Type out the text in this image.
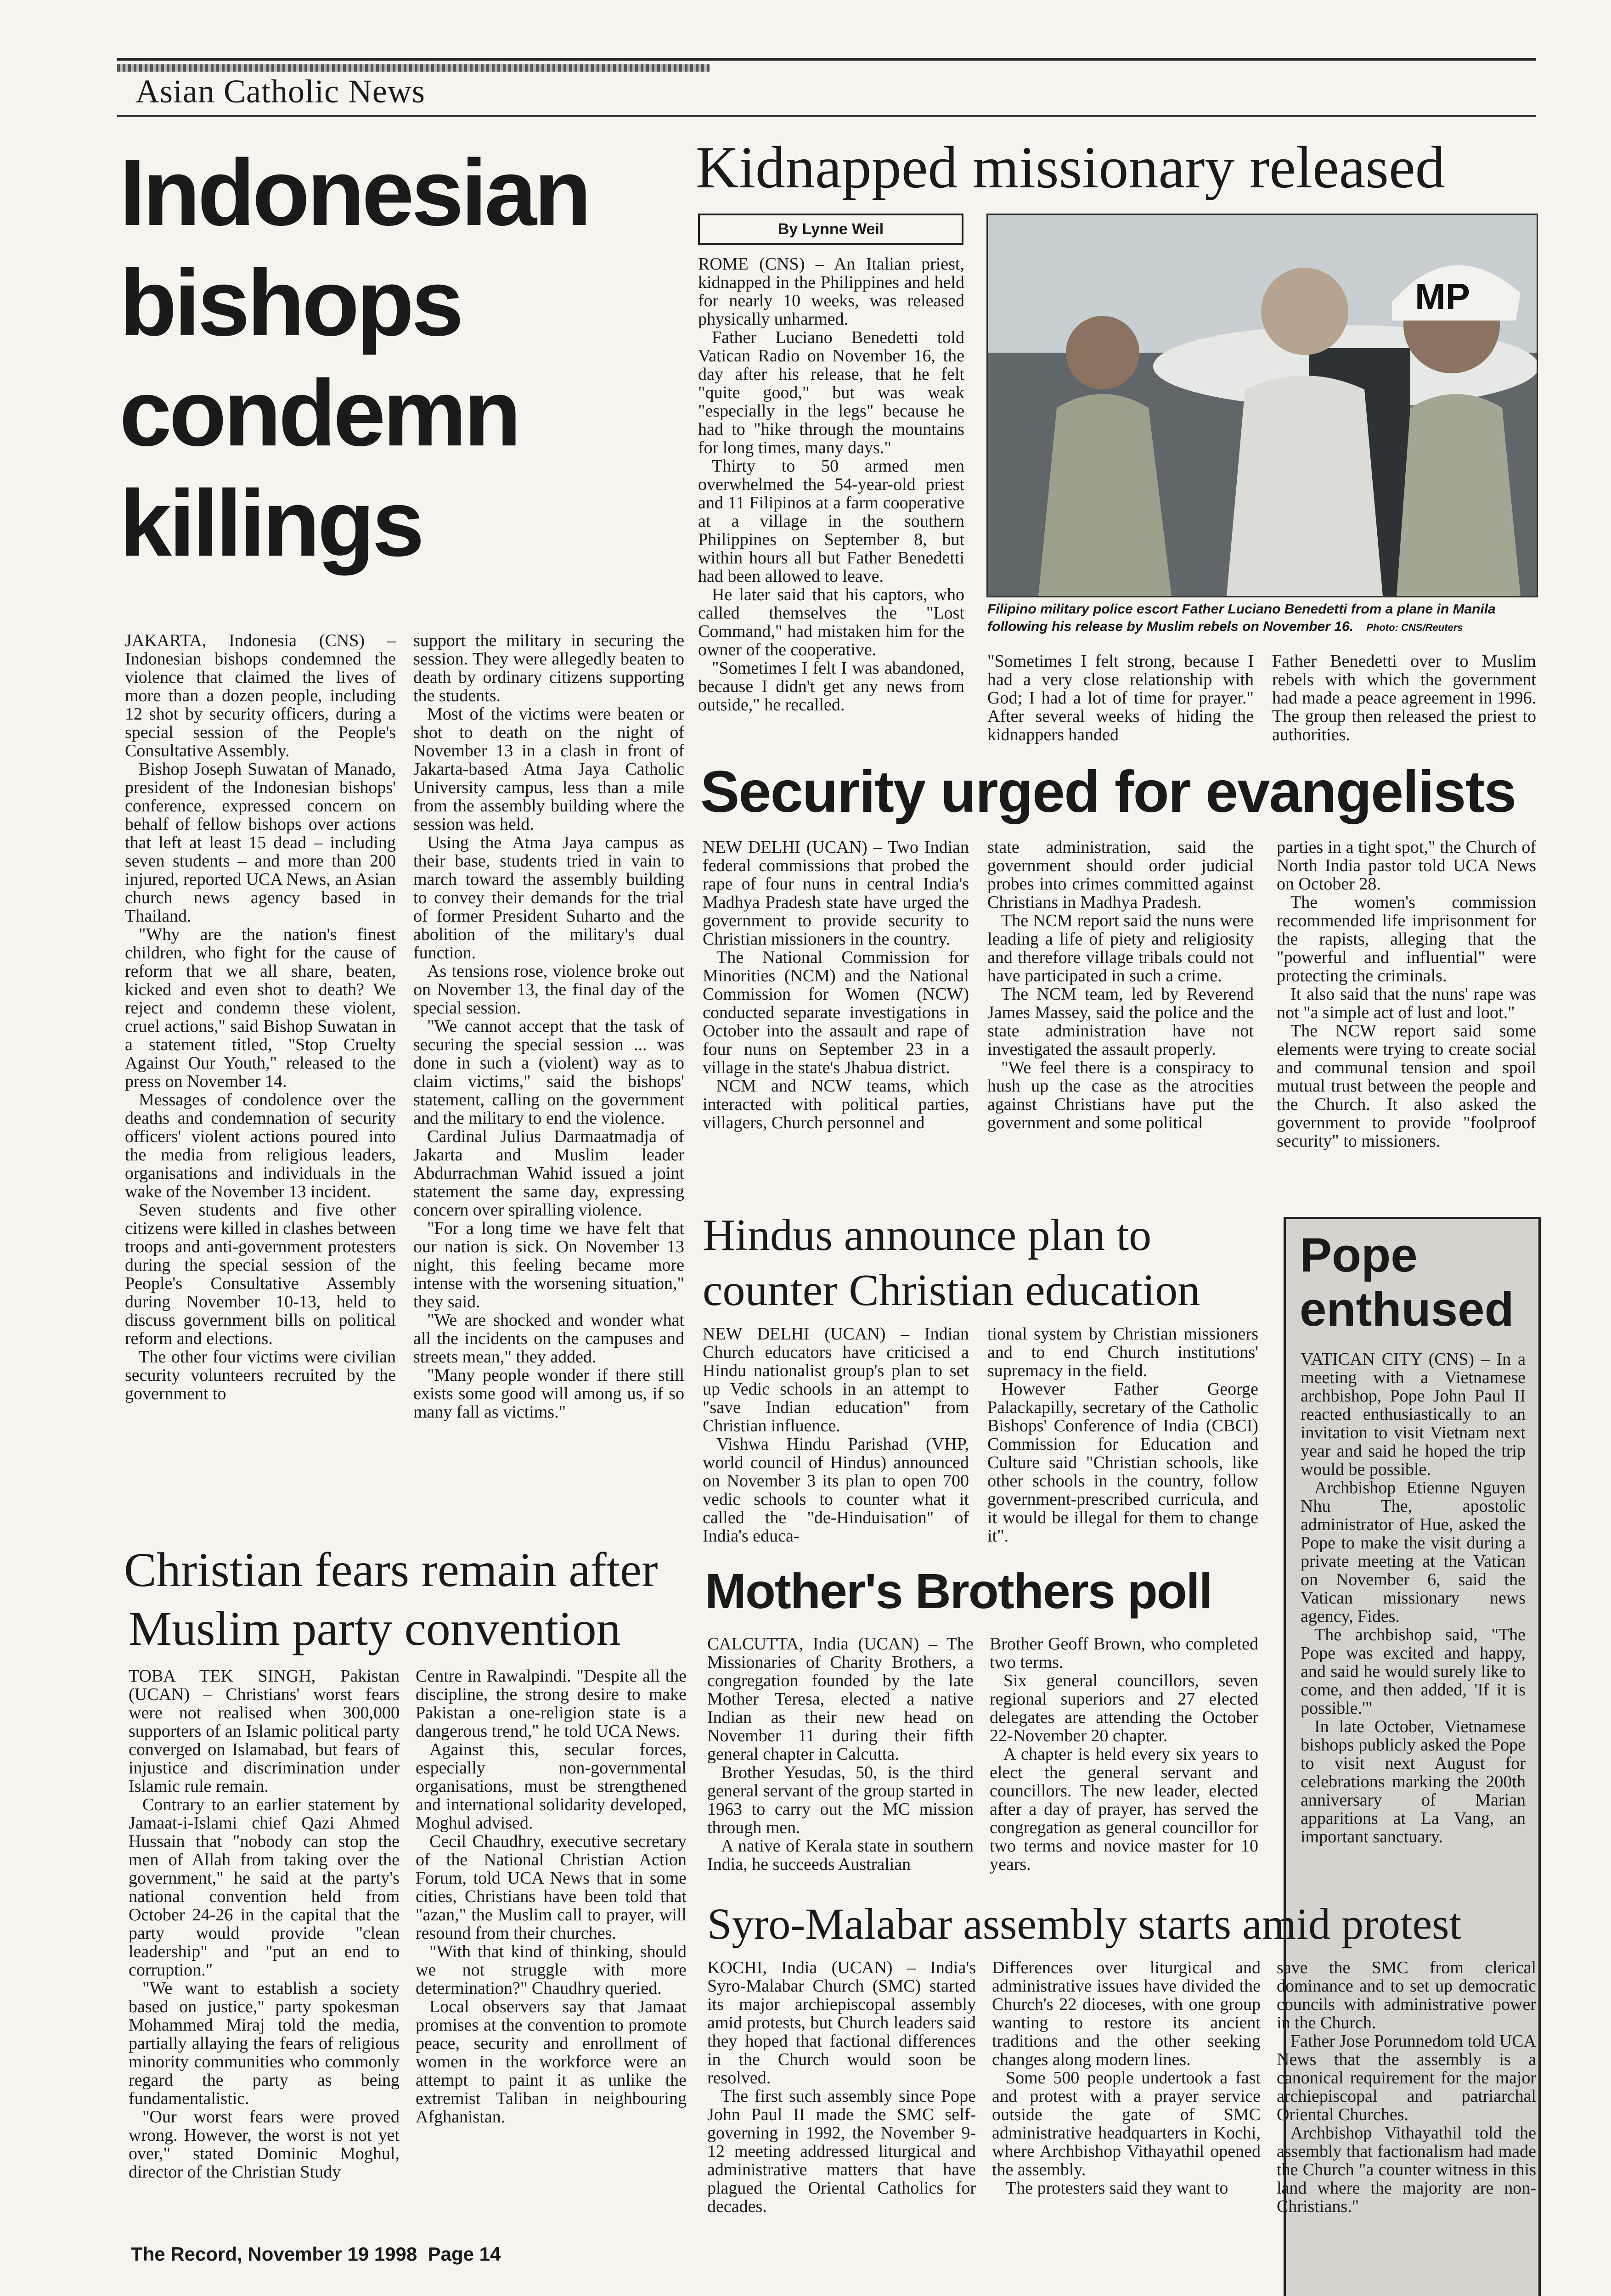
Asian Catholic News
Indonesian
bishops
condemn
killings

JAKARTA, Indonesia (CNS) – Indonesian bishops condemned the violence that claimed the lives of more than a dozen people, including 12 shot by security officers, during a special session of the People's Consultative Assembly.

Bishop Joseph Suwatan of Manado, president of the Indonesian bishops' conference, expressed concern on behalf of fellow bishops over actions that left at least 15 dead – including seven students – and more than 200 injured, reported UCA News, an Asian church news agency based in Thailand.

"Why are the nation's finest children, who fight for the cause of reform that we all share, beaten, kicked and even shot to death? We reject and condemn these violent, cruel actions," said Bishop Suwatan in a statement titled, "Stop Cruelty Against Our Youth," released to the press on November 14.

Messages of condolence over the deaths and condemnation of security officers' violent actions poured into the media from religious leaders, organisations and individuals in the wake of the November 13 incident.

Seven students and five other citizens were killed in clashes between troops and anti-government protesters during the special session of the People's Consultative Assembly during November 10-13, held to discuss government bills on political reform and elections.

The other four victims were civilian security volunteers recruited by the government to

support the military in securing the session. They were allegedly beaten to death by ordinary citizens supporting the students.

Most of the victims were beaten or shot to death on the night of November 13 in a clash in front of Jakarta-based Atma Jaya Catholic University campus, less than a mile from the assembly building where the session was held.

Using the Atma Jaya campus as their base, students tried in vain to march toward the assembly building to convey their demands for the trial of former President Suharto and the abolition of the military's dual function.

As tensions rose, violence broke out on November 13, the final day of the special session.

"We cannot accept that the task of securing the special session ... was done in such a (violent) way as to claim victims," said the bishops' statement, calling on the government and the military to end the violence.

Cardinal Julius Darmaatmadja of Jakarta and Muslim leader Abdurrachman Wahid issued a joint statement the same day, expressing concern over spiralling violence.

"For a long time we have felt that our nation is sick. On November 13 night, this feeling became more intense with the worsening situation," they said.

"We are shocked and wonder what all the incidents on the campuses and streets mean," they added.

"Many people wonder if there still exists some good will among us, if so many fall as victims."

Kidnapped missionary released
By Lynne Weil

ROME (CNS) – An Italian priest, kidnapped in the Philippines and held for nearly 10 weeks, was released physically unharmed.

Father Luciano Benedetti told Vatican Radio on November 16, the day after his release, that he felt "quite good," but was weak "especially in the legs" because he had to "hike through the mountains for long times, many days."

Thirty to 50 armed men overwhelmed the 54-year-old priest and 11 Filipinos at a farm cooperative at a village in the southern Philippines on September 8, but within hours all but Father Benedetti had been allowed to leave.

He later said that his captors, who called themselves the "Lost Command," had mistaken him for the owner of the cooperative.

"Sometimes I felt I was abandoned, because I didn't get any news from outside," he recalled.

MP
Filipino military police escort Father Luciano Benedetti from a plane in Manila following his release by Muslim rebels on November 16. Photo: CNS/Reuters

"Sometimes I felt strong, because I had a very close relationship with God; I had a lot of time for prayer." After several weeks of hiding the kidnappers handed

Father Benedetti over to Muslim rebels with which the government had made a peace agreement in 1996. The group then released the priest to authorities.

Security urged for evangelists

NEW DELHI (UCAN) – Two Indian federal commissions that probed the rape of four nuns in central India's Madhya Pradesh state have urged the government to provide security to Christian missioners in the country.

The National Commission for Minorities (NCM) and the National Commission for Women (NCW) conducted separate investigations in October into the assault and rape of four nuns on September 23 in a village in the state's Jhabua district.

NCM and NCW teams, which interacted with political parties, villagers, Church personnel and

state administration, said the government should order judicial probes into crimes committed against Christians in Madhya Pradesh.

The NCM report said the nuns were leading a life of piety and religiosity and therefore village tribals could not have participated in such a crime.

The NCM team, led by Reverend James Massey, said the police and the state administration have not investigated the assault properly.

"We feel there is a conspiracy to hush up the case as the atrocities against Christians have put the government and some political

parties in a tight spot," the Church of North India pastor told UCA News on October 28.

The women's commission recommended life imprisonment for the rapists, alleging that the "powerful and influential" were protecting the criminals.

It also said that the nuns' rape was not "a simple act of lust and loot."

The NCW report said some elements were trying to create social and communal tension and spoil mutual trust between the people and the Church. It also asked the government to provide "foolproof security" to missioners.

Hindus announce plan to
counter Christian education

NEW DELHI (UCAN) – Indian Church educators have criticised a Hindu nationalist group's plan to set up Vedic schools in an attempt to "save Indian education" from Christian influence.

Vishwa Hindu Parishad (VHP, world council of Hindus) announced on November 3 its plan to open 700 vedic schools to counter what it called the "de-Hinduisation" of India's educa-

tional system by Christian missioners and to end Church institutions' supremacy in the field.

However Father George Palackapilly, secretary of the Catholic Bishops' Conference of India (CBCI) Commission for Education and Culture said "Christian schools, like other schools in the country, follow government-prescribed curricula, and it would be illegal for them to change it".

Pope
enthused

VATICAN CITY (CNS) – In a meeting with a Vietnamese archbishop, Pope John Paul II reacted enthusiastically to an invitation to visit Vietnam next year and said he hoped the trip would be possible.

Archbishop Etienne Nguyen Nhu The, apostolic administrator of Hue, asked the Pope to make the visit during a private meeting at the Vatican on November 6, said the Vatican missionary news agency, Fides.

The archbishop said, "The Pope was excited and happy, and said he would surely like to come, and then added, 'If it is possible.'"

In late October, Vietnamese bishops publicly asked the Pope to visit next August for celebrations marking the 200th anniversary of Marian apparitions at La Vang, an important sanctuary.

Christian fears remain after
Muslim party convention

TOBA TEK SINGH, Pakistan (UCAN) – Christians' worst fears were not realised when 300,000 supporters of an Islamic political party converged on Islamabad, but fears of injustice and discrimination under Islamic rule remain.

Contrary to an earlier statement by Jamaat-i-Islami chief Qazi Ahmed Hussain that "nobody can stop the men of Allah from taking over the government," he said at the party's national convention held from October 24-26 in the capital that the party would provide "clean leadership" and "put an end to corruption."

"We want to establish a society based on justice," party spokesman Mohammed Miraj told the media, partially allaying the fears of religious minority communities who commonly regard the party as being fundamentalistic.

"Our worst fears were proved wrong. However, the worst is not yet over," stated Dominic Moghul, director of the Christian Study

Centre in Rawalpindi. "Despite all the discipline, the strong desire to make Pakistan a one-religion state is a dangerous trend," he told UCA News.

Against this, secular forces, especially non-governmental organisations, must be strengthened and international solidarity developed, Moghul advised.

Cecil Chaudhry, executive secretary of the National Christian Action Forum, told UCA News that in some cities, Christians have been told that "azan," the Muslim call to prayer, will resound from their churches.

"With that kind of thinking, should we not struggle with more determination?" Chaudhry queried.

Local observers say that Jamaat promises at the convention to promote peace, security and enrollment of women in the workforce were an attempt to paint it as unlike the extremist Taliban in neighbouring Afghanistan.

Mother's Brothers poll

CALCUTTA, India (UCAN) – The Missionaries of Charity Brothers, a congregation founded by the late Mother Teresa, elected a native Indian as their new head on November 11 during their fifth general chapter in Calcutta.

Brother Yesudas, 50, is the third general servant of the group started in 1963 to carry out the MC mission through men.

A native of Kerala state in southern India, he succeeds Australian

Brother Geoff Brown, who completed two terms.

Six general councillors, seven regional superiors and 27 elected delegates are attending the October 22-November 20 chapter.

A chapter is held every six years to elect the general servant and councillors. The new leader, elected after a day of prayer, has served the congregation as general councillor for two terms and novice master for 10 years.

Syro-Malabar assembly starts amid protest

KOCHI, India (UCAN) – India's Syro-Malabar Church (SMC) started its major archiepiscopal assembly amid protests, but Church leaders said they hoped that factional differences in the Church would soon be resolved.

The first such assembly since Pope John Paul II made the SMC self-governing in 1992, the November 9-12 meeting addressed liturgical and administrative matters that have plagued the Oriental Catholics for decades.

Differences over liturgical and administrative issues have divided the Church's 22 dioceses, with one group wanting to restore its ancient traditions and the other seeking changes along modern lines.

Some 500 people undertook a fast and protest with a prayer service outside the gate of SMC administrative headquarters in Kochi, where Archbishop Vithayathil opened the assembly.

The protesters said they want to

save the SMC from clerical dominance and to set up democratic councils with administrative power in the Church.

Father Jose Porunnedom told UCA News that the assembly is a canonical requirement for the major archiepiscopal and patriarchal Oriental Churches.

Archbishop Vithayathil told the assembly that factionalism had made the Church "a counter witness in this land where the majority are non-Christians."

The Record, November 19 1998  Page 14
